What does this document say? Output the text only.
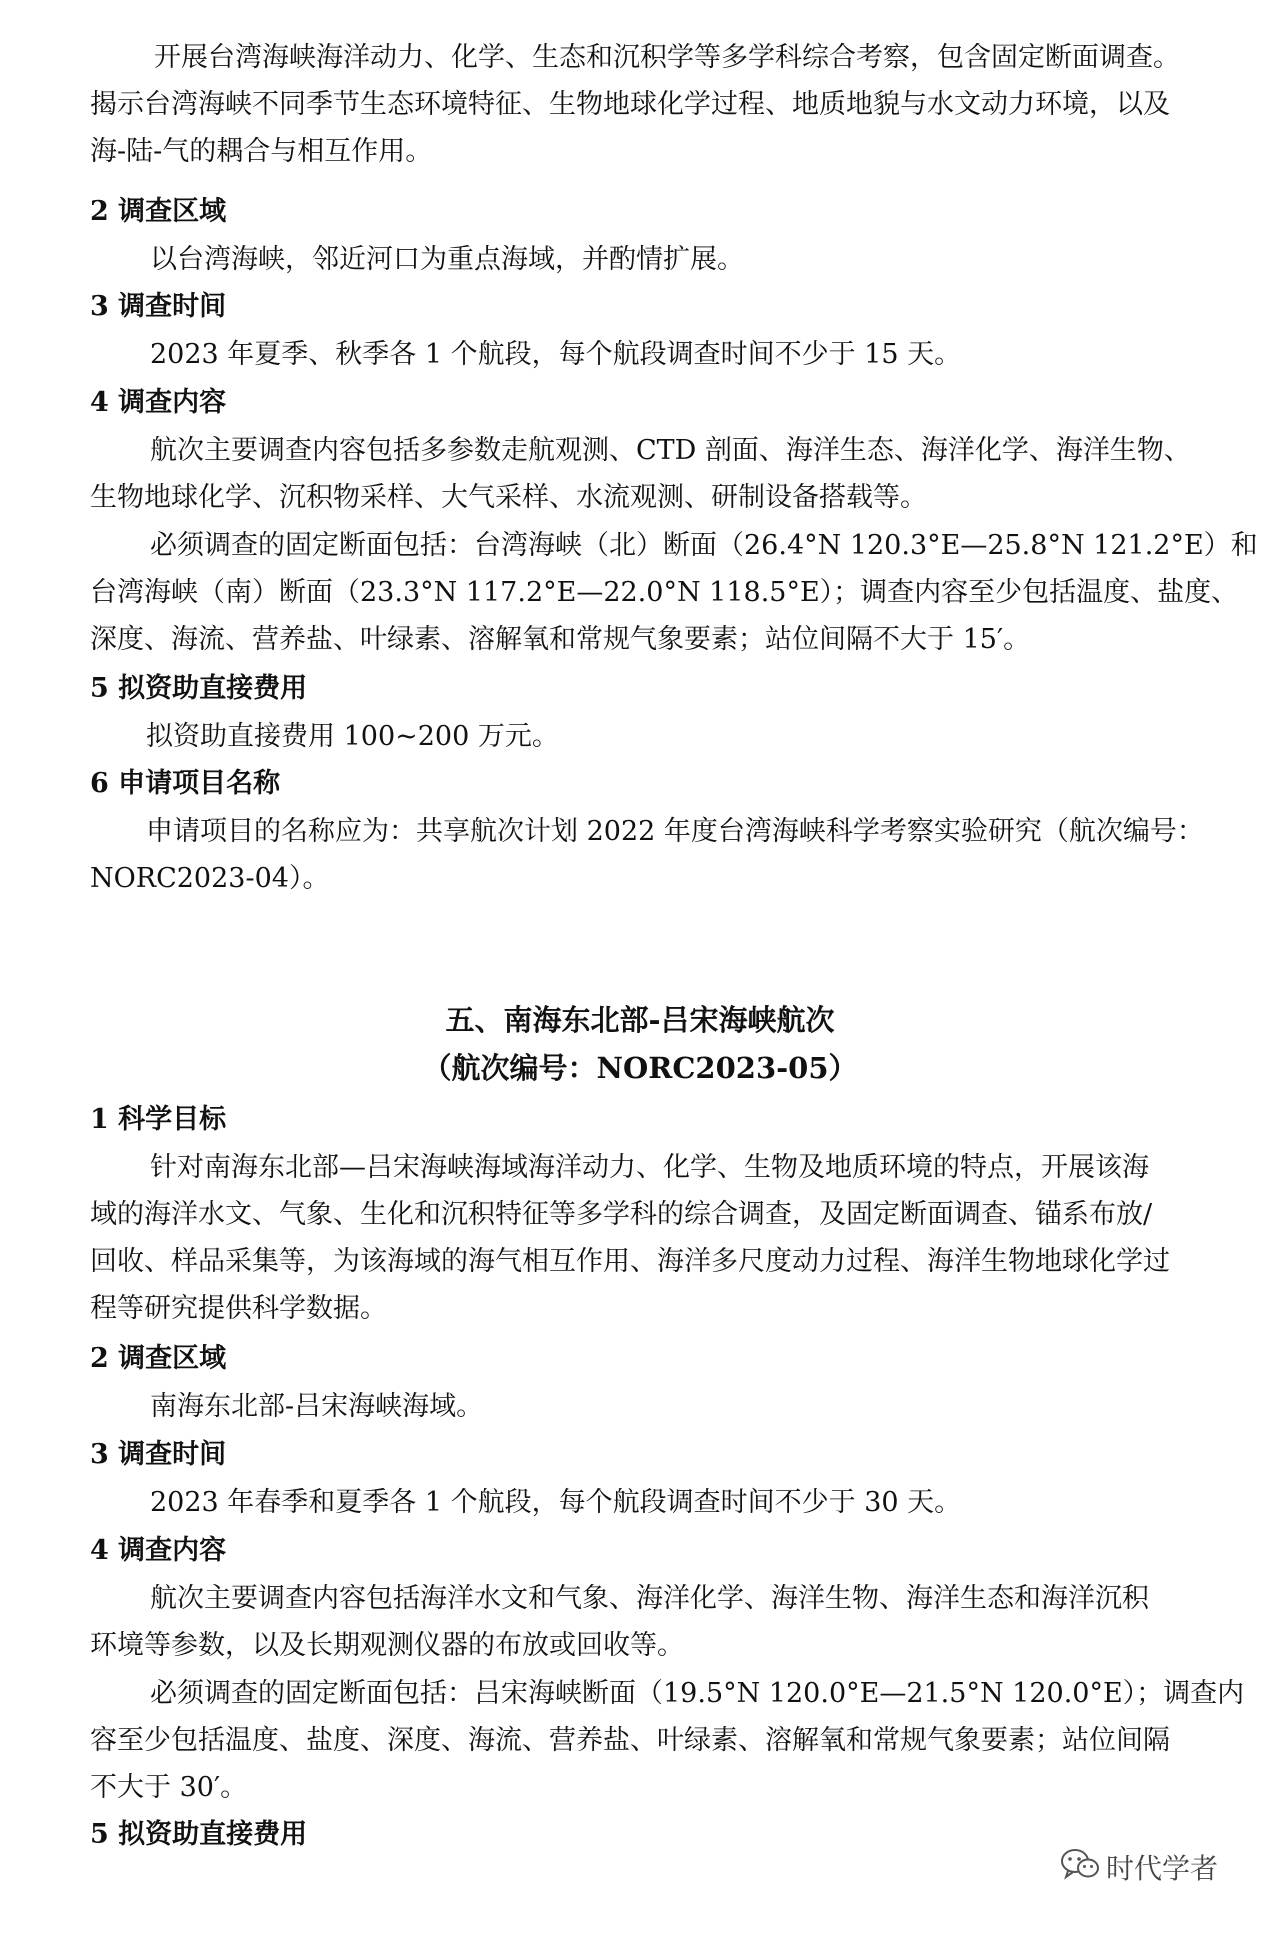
开展台湾海峡海洋动力、化学、生态和沉积学等多学科综合考察，包含固定断面调查。
揭示台湾海峡不同季节生态环境特征、生物地球化学过程、地质地貌与水文动力环境，以及
海-陆-气的耦合与相互作用。

2 调查区域

以台湾海峡，邻近河口为重点海域，并酌情扩展。

3 调查时间

2023 年夏季、秋季各 1 个航段，每个航段调查时间不少于 15 天。

4 调查内容

航次主要调查内容包括多参数走航观测、CTD 剖面、海洋生态、海洋化学、海洋生物、
生物地球化学、沉积物采样、大气采样、水流观测、研制设备搭载等。

必须调查的固定断面包括：台湾海峡（北）断面（26.4°N 120.3°E—25.8°N 121.2°E）和
台湾海峡（南）断面（23.3°N 117.2°E—22.0°N 118.5°E）；调查内容至少包括温度、盐度、
深度、海流、营养盐、叶绿素、溶解氧和常规气象要素；站位间隔不大于 15′。

5 拟资助直接费用

拟资助直接费用 100~200 万元。

6 申请项目名称

申请项目的名称应为：共享航次计划 2022 年度台湾海峡科学考察实验研究（航次编号：
NORC2023-04）。

五、南海东北部-吕宋海峡航次
（航次编号：NORC2023-05）
1 科学目标

针对南海东北部—吕宋海峡海域海洋动力、化学、生物及地质环境的特点，开展该海
域的海洋水文、气象、生化和沉积特征等多学科的综合调查，及固定断面调查、锚系布放/
回收、样品采集等，为该海域的海气相互作用、海洋多尺度动力过程、海洋生物地球化学过
程等研究提供科学数据。

2 调查区域

南海东北部-吕宋海峡海域。

3 调查时间

2023 年春季和夏季各 1 个航段，每个航段调查时间不少于 30 天。

4 调查内容

航次主要调查内容包括海洋水文和气象、海洋化学、海洋生物、海洋生态和海洋沉积
环境等参数，以及长期观测仪器的布放或回收等。

必须调查的固定断面包括：吕宋海峡断面（19.5°N 120.0°E—21.5°N 120.0°E）；调查内
容至少包括温度、盐度、深度、海流、营养盐、叶绿素、溶解氧和常规气象要素；站位间隔
不大于 30′。

5 拟资助直接费用
时代学者
